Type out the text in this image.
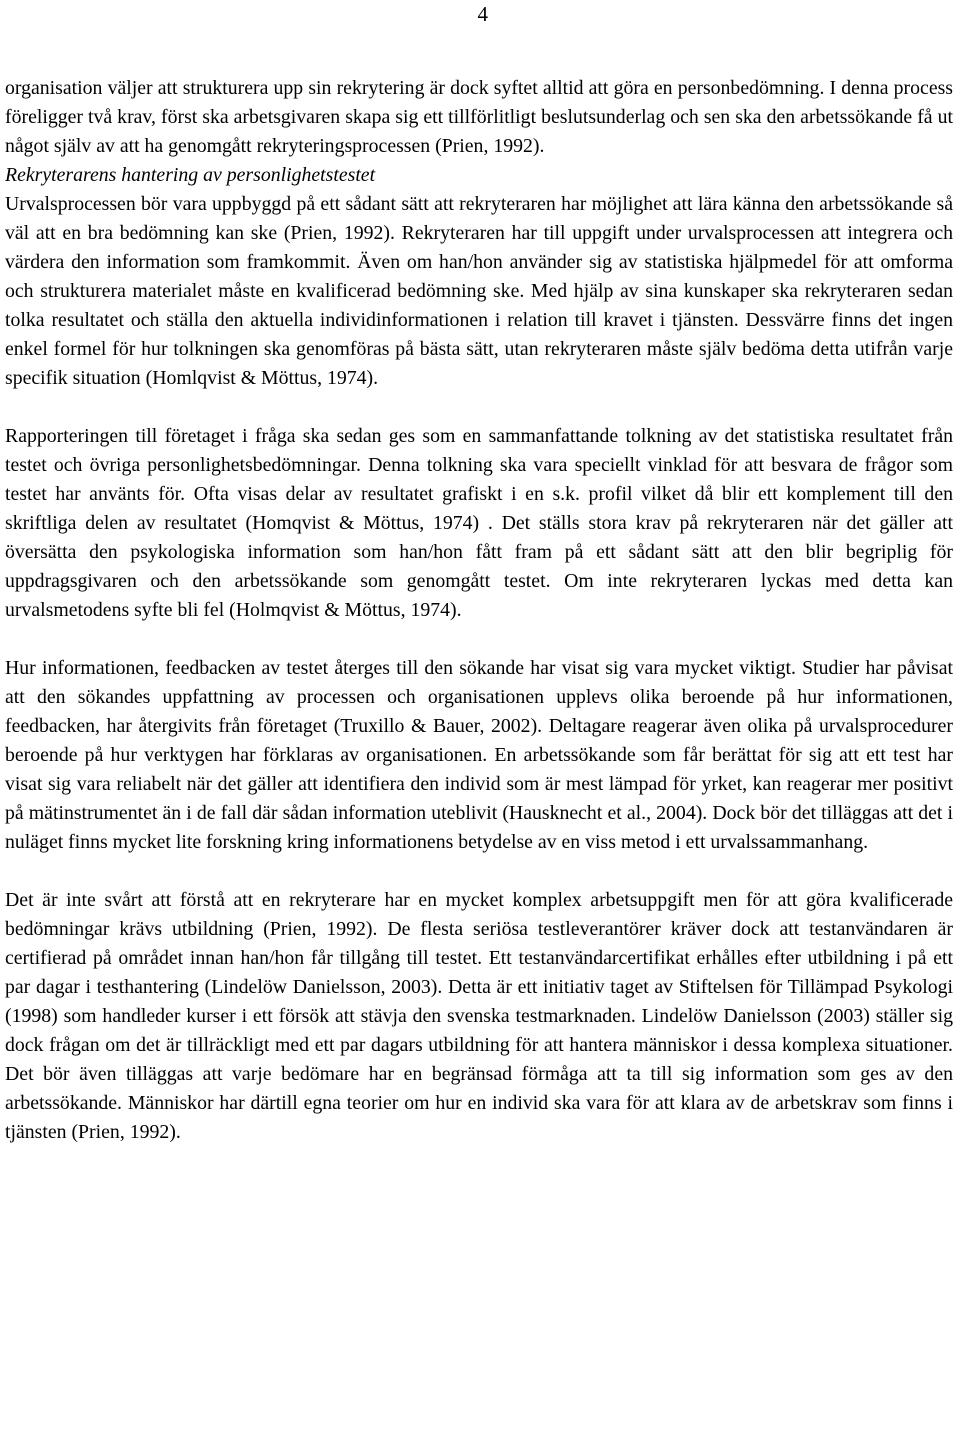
4

organisation väljer att strukturera upp sin rekrytering är dock syftet alltid att göra en personbedömning. I denna process föreligger två krav, först ska arbetsgivaren skapa sig ett tillförlitligt beslutsunderlag och sen ska den arbetssökande få ut något själv av att ha genomgått rekryteringsprocessen (Prien, 1992).

Rekryterarens hantering av personlighetstestet

Urvalsprocessen bör vara uppbyggd på ett sådant sätt att rekryteraren har möjlighet att lära känna den arbetssökande så väl att en bra bedömning kan ske (Prien, 1992). Rekryteraren har till uppgift under urvalsprocessen att integrera och värdera den information som framkommit. Även om han/hon använder sig av statistiska hjälpmedel för att omforma och strukturera materialet måste en kvalificerad bedömning ske. Med hjälp av sina kunskaper ska rekryteraren sedan tolka resultatet och ställa den aktuella individinformationen i relation till kravet i tjänsten. Dessvärre finns det ingen enkel formel för hur tolkningen ska genomföras på bästa sätt, utan rekryteraren måste själv bedöma detta utifrån varje specifik situation (Homlqvist & Möttus, 1974).

Rapporteringen till företaget i fråga ska sedan ges som en sammanfattande tolkning av det statistiska resultatet från testet och övriga personlighetsbedömningar. Denna tolkning ska vara speciellt vinklad för att besvara de frågor som testet har använts för. Ofta visas delar av resultatet grafiskt i en s.k. profil vilket då blir ett komplement till den skriftliga delen av resultatet (Homqvist & Möttus, 1974) . Det ställs stora krav på rekryteraren när det gäller att översätta den psykologiska information som han/hon fått fram på ett sådant sätt att den blir begriplig för uppdragsgivaren och den arbetssökande som genomgått testet. Om inte rekryteraren lyckas med detta kan urvalsmetodens syfte bli fel (Holmqvist & Möttus, 1974).

Hur informationen, feedbacken av testet återges till den sökande har visat sig vara mycket viktigt. Studier har påvisat att den sökandes uppfattning av processen och organisationen upplevs olika beroende på hur informationen, feedbacken, har återgivits från företaget (Truxillo & Bauer, 2002). Deltagare reagerar även olika på urvalsprocedurer beroende på hur verktygen har förklaras av organisationen. En arbetssökande som får berättat för sig att ett test har visat sig vara reliabelt när det gäller att identifiera den individ som är mest lämpad för yrket, kan reagerar mer positivt på mätinstrumentet än i de fall där sådan information uteblivit (Hausknecht et al., 2004). Dock bör det tilläggas att det i nuläget finns mycket lite forskning kring informationens betydelse av en viss metod i ett urvalssammanhang.

Det är inte svårt att förstå att en rekryterare har en mycket komplex arbetsuppgift men för att göra kvalificerade bedömningar krävs utbildning (Prien, 1992). De flesta seriösa testleverantörer kräver dock att testanvändaren är certifierad på området innan han/hon får tillgång till testet. Ett testanvändarcertifikat erhålles efter utbildning i på ett par dagar i testhantering (Lindelöw Danielsson, 2003). Detta är ett initiativ taget av Stiftelsen för Tillämpad Psykologi (1998) som handleder kurser i ett försök att stävja den svenska testmarknaden. Lindelöw Danielsson (2003) ställer sig dock frågan om det är tillräckligt med ett par dagars utbildning för att hantera människor i dessa komplexa situationer. Det bör även tilläggas att varje bedömare har en begränsad förmåga att ta till sig information som ges av den arbetssökande. Människor har därtill egna teorier om hur en individ ska vara för att klara av de arbetskrav som finns i tjänsten (Prien, 1992).
